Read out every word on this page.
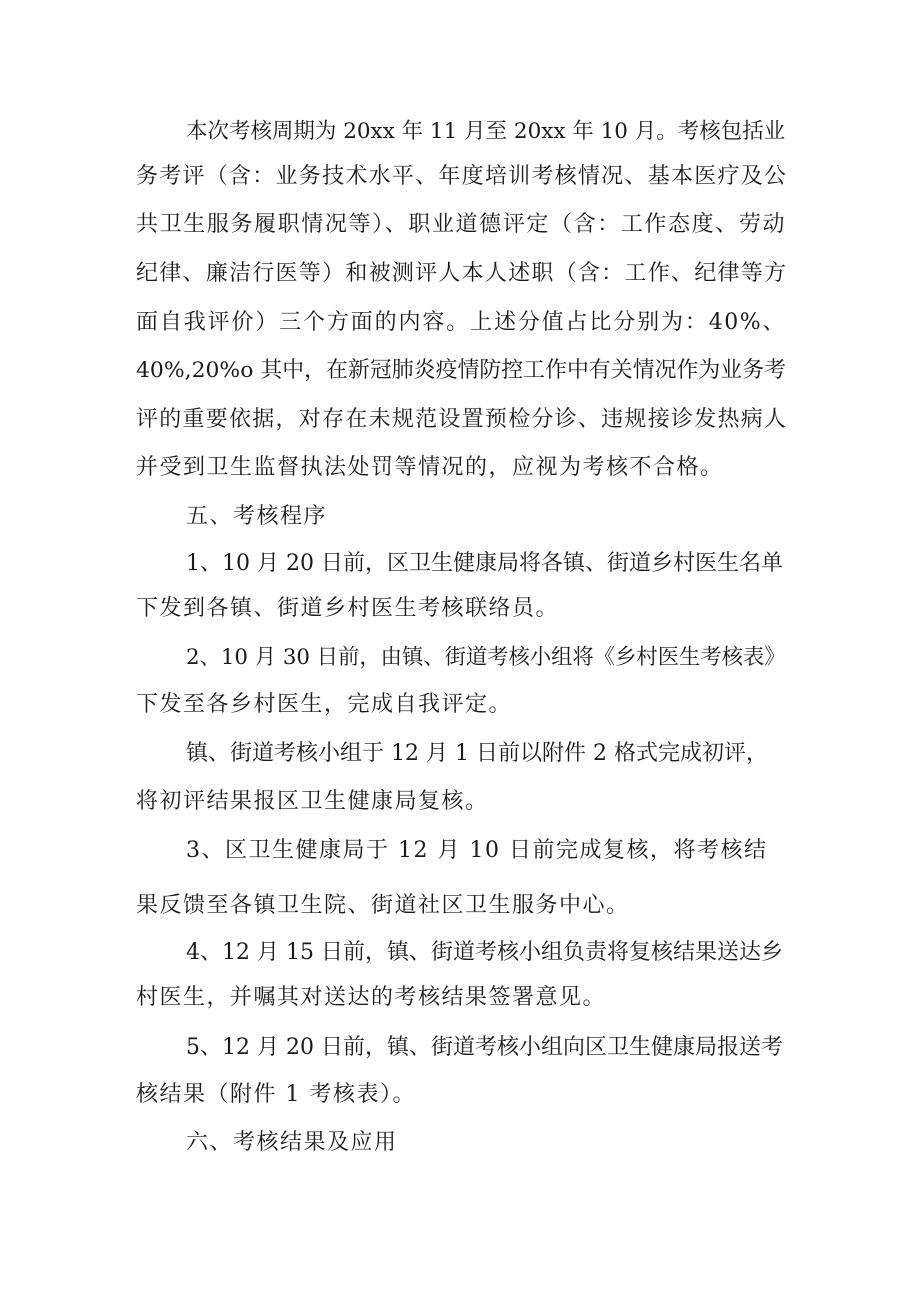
本次考核周期为 20xx 年 11 月至 20xx 年 10 月。考核包括业
务考评（含：业务技术水平、年度培训考核情况、基本医疗及公
共卫生服务履职情况等）、职业道德评定（含：工作态度、劳动
纪律、廉洁行医等）和被测评人本人述职（含：工作、纪律等方
面自我评价）三个方面的内容。上述分值占比分别为：40%、
40%,20%o 其中，在新冠肺炎疫情防控工作中有关情况作为业务考
评的重要依据，对存在未规范设置预检分诊、违规接诊发热病人
并受到卫生监督执法处罚等情况的，应视为考核不合格。
五、考核程序
1、10 月 20 日前，区卫生健康局将各镇、街道乡村医生名单
下发到各镇、街道乡村医生考核联络员。
2、10 月 30 日前，由镇、街道考核小组将《乡村医生考核表》
下发至各乡村医生，完成自我评定。
镇、街道考核小组于 12 月 1 日前以附件 2 格式完成初评，
将初评结果报区卫生健康局复核。
3、区卫生健康局于 12 月 10 日前完成复核，将考核结
果反馈至各镇卫生院、街道社区卫生服务中心。
4、12 月 15 日前，镇、街道考核小组负责将复核结果送达乡
村医生，并嘱其对送达的考核结果签署意见。
5、12 月 20 日前，镇、街道考核小组向区卫生健康局报送考
核结果（附件 1 考核表）。
六、考核结果及应用
